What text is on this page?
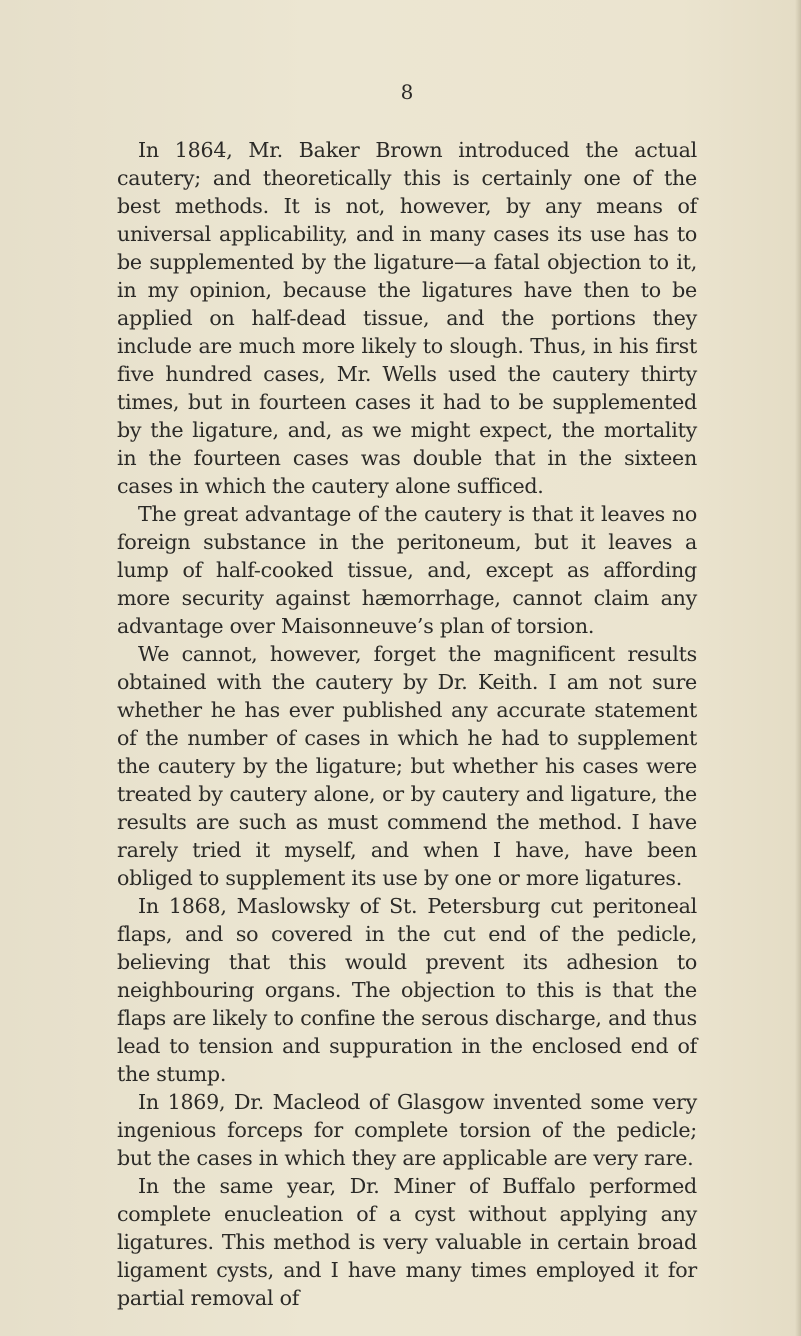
8

In 1864, Mr. Baker Brown introduced the actual cautery; and theoretically this is certainly one of the best methods. It is not, however, by any means of universal applicability, and in many cases its use has to be supplemented by the ligature—a fatal objection to it, in my opinion, because the ligatures have then to be applied on half-dead tissue, and the portions they include are much more likely to slough. Thus, in his first five hundred cases, Mr. Wells used the cautery thirty times, but in fourteen cases it had to be supplemented by the ligature, and, as we might expect, the mortality in the fourteen cases was double that in the sixteen cases in which the cautery alone sufficed.

The great advantage of the cautery is that it leaves no foreign substance in the peritoneum, but it leaves a lump of half-cooked tissue, and, except as affording more security against hæmorrhage, cannot claim any advantage over Maisonneuve’s plan of torsion.

We cannot, however, forget the magnificent results obtained with the cautery by Dr. Keith. I am not sure whether he has ever published any accurate statement of the number of cases in which he had to supplement the cautery by the ligature; but whether his cases were treated by cautery alone, or by cautery and ligature, the results are such as must commend the method. I have rarely tried it myself, and when I have, have been obliged to supplement its use by one or more ligatures.

In 1868, Maslowsky of St. Petersburg cut peritoneal flaps, and so covered in the cut end of the pedicle, believing that this would prevent its adhesion to neighbouring organs. The objection to this is that the flaps are likely to confine the serous discharge, and thus lead to tension and suppuration in the enclosed end of the stump.

In 1869, Dr. Macleod of Glasgow invented some very ingenious forceps for complete torsion of the pedicle; but the cases in which they are applicable are very rare.

In the same year, Dr. Miner of Buffalo performed complete enucleation of a cyst without applying any ligatures. This method is very valuable in certain broad ligament cysts, and I have many times employed it for partial removal of
